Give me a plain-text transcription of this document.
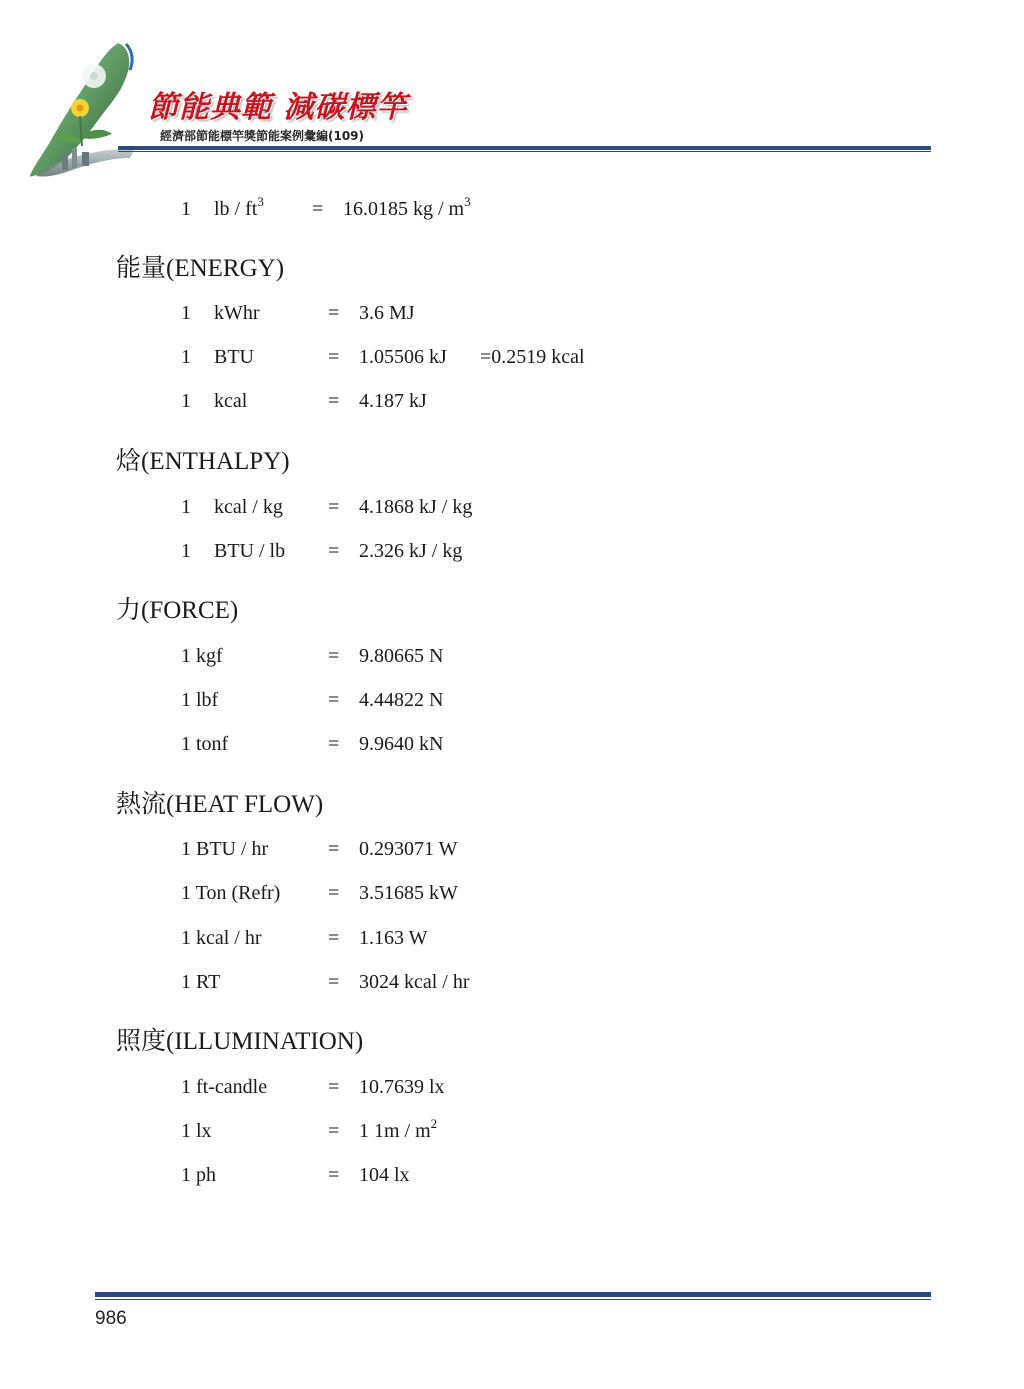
節能典範 減碳標竿
經濟部節能標竿獎節能案例彙編(109)
1 lb / $ft^3 = 16.0185$ kg / $m^3$
能量(ENERGY)
1 kWhr	= 3.6 MJ
1 BTU	= 1.05506 kJ =0.2519 kcal
1 kcal	= 4.187 kJ
焓(ENTHALPY)
1 kcal / kg = 4.1868 kJ / kg
1 BTU / lb = 2.326 kJ / kg
力(FORCE)
1 kgf	= 9.80665 N
1 lbf	= 4.44822 N
1 tonf	= 9.9640 kN
熱流(HEAT FLOW)
1 BTU / hr	= 0.293071 W
1 Ton (Refr) = 3.51685 kW
1 kcal / hr	= 1.163 W
1 RT	= 3024 kcal / hr
照度(ILLUMINATION)
1 ft-candle	= 10.7639 lx
1 lx	= 1 $1m / m^2$
1 ph	= 104 lx
986
